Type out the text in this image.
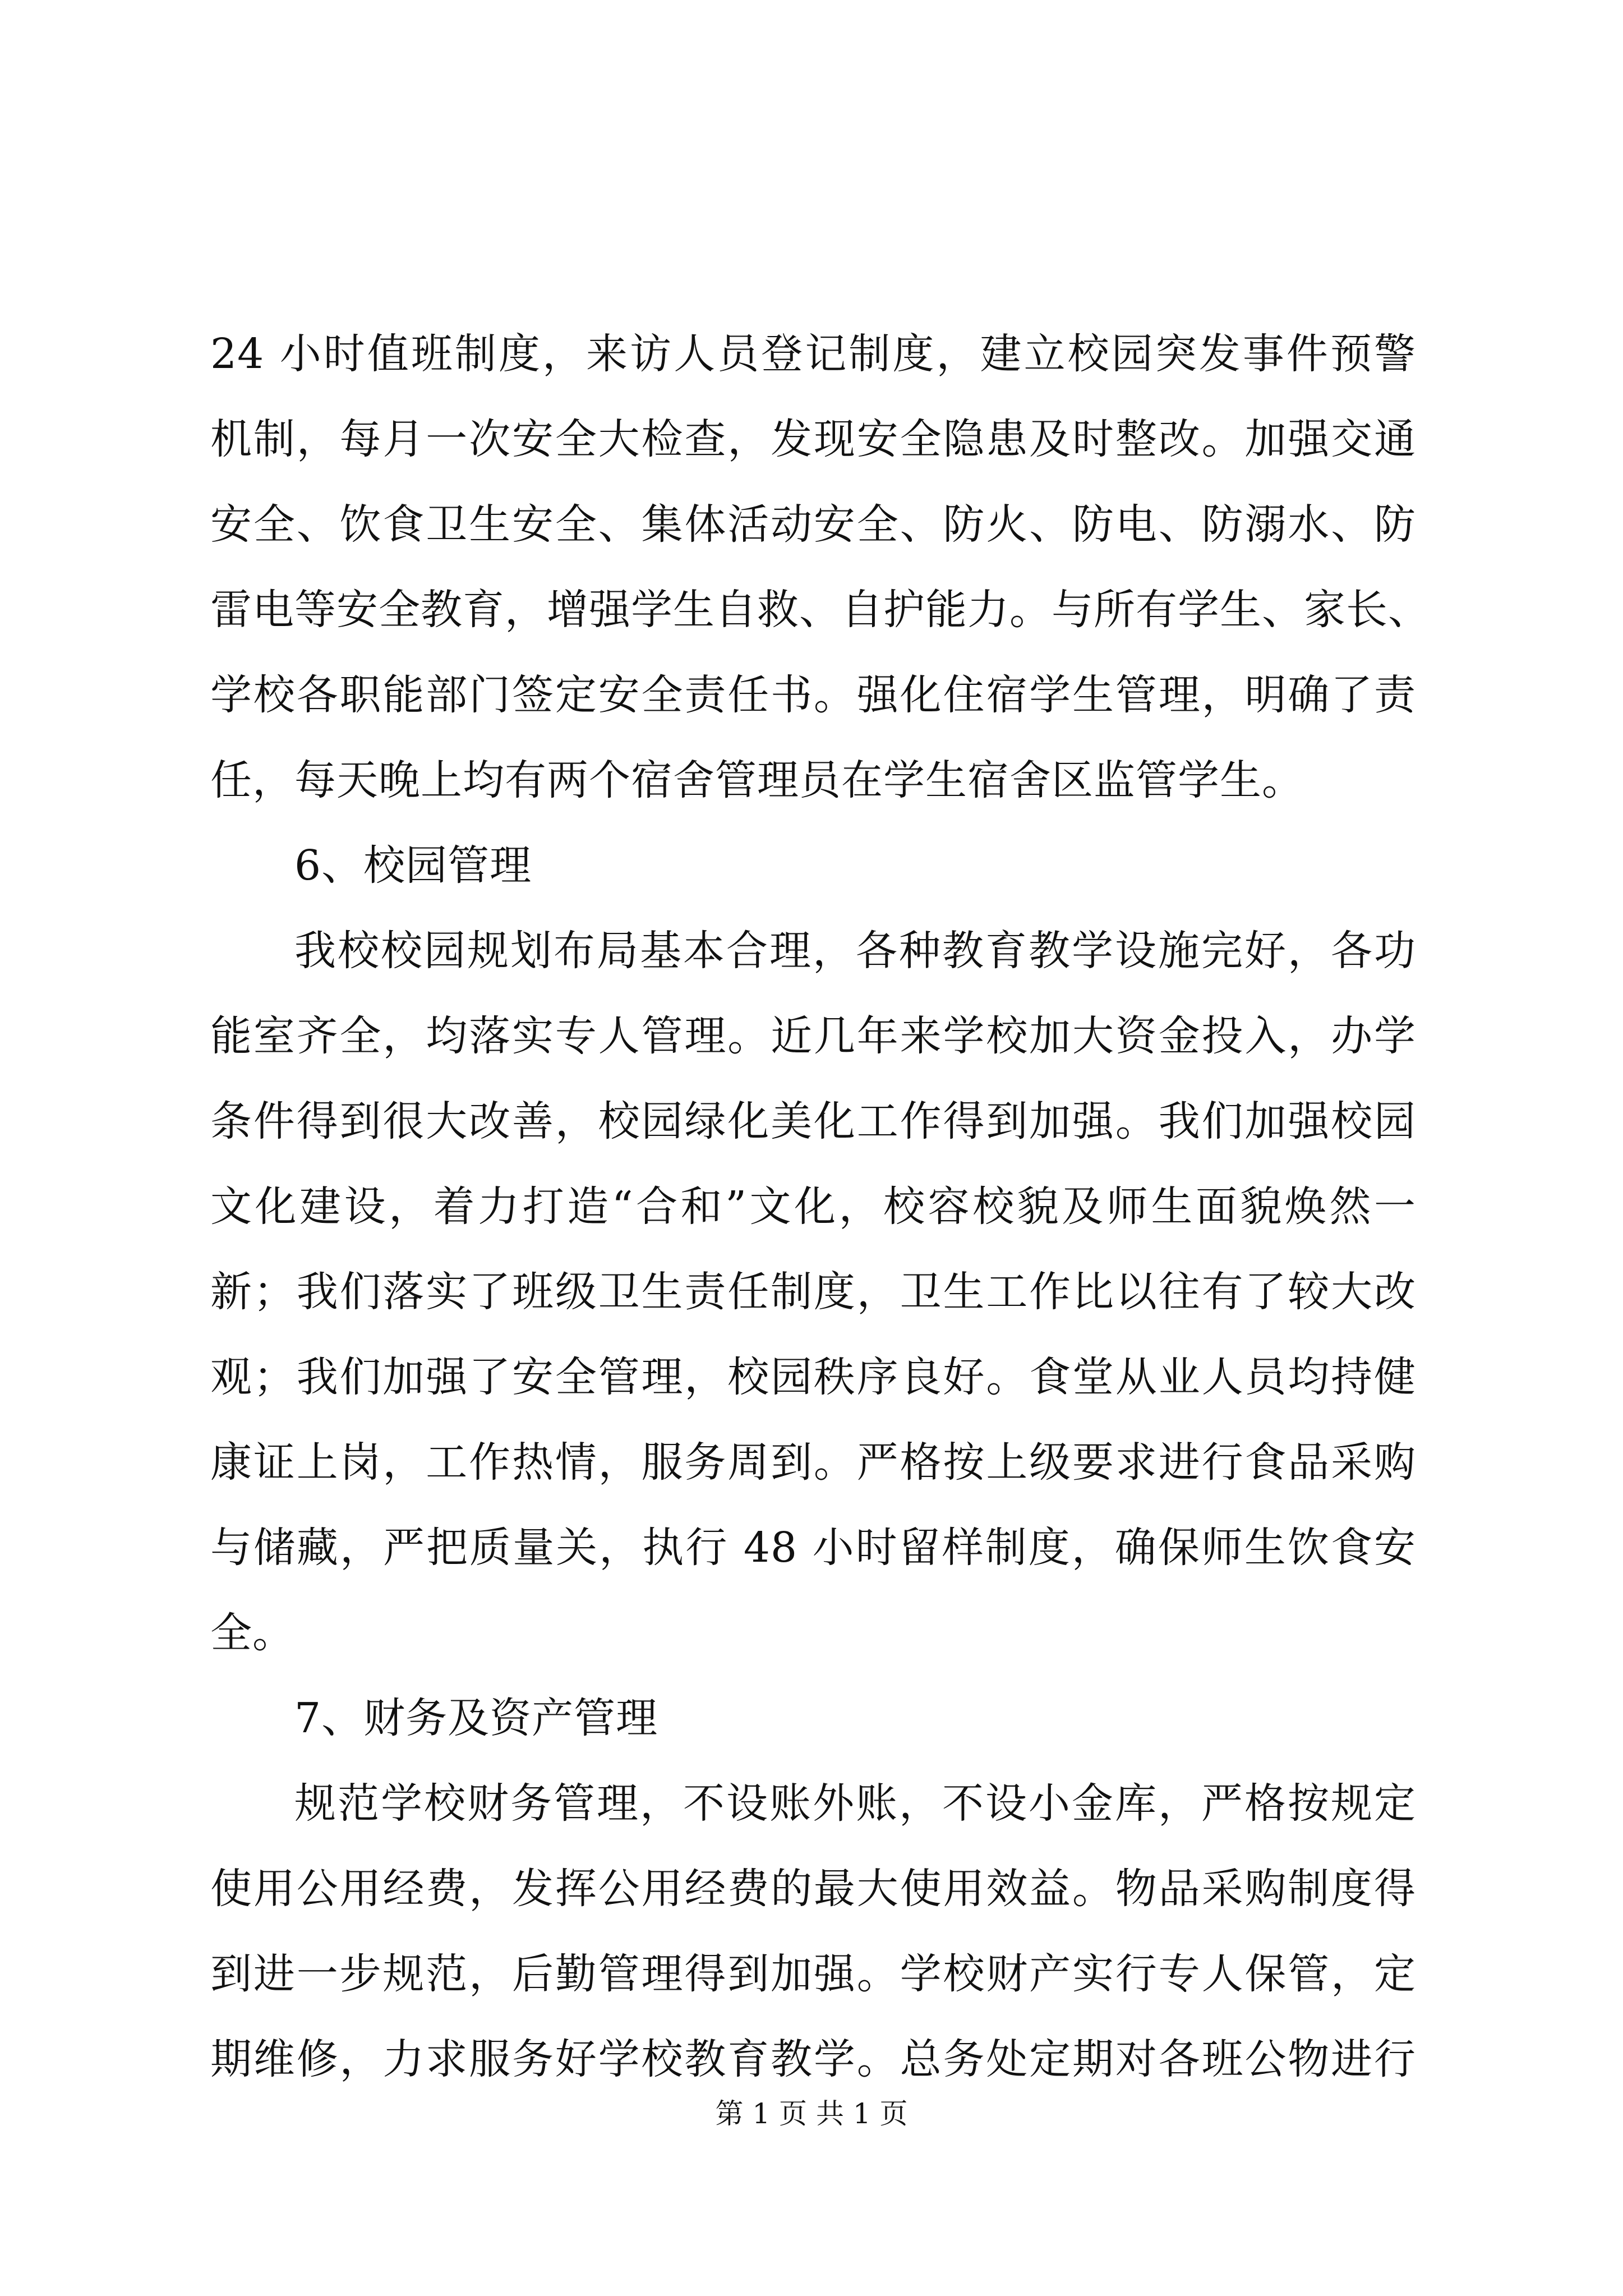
24 小时值班制度，来访人员登记制度，建立校园突发事件预警
机制，每月一次安全大检查，发现安全隐患及时整改。加强交通
安全、饮食卫生安全、集体活动安全、防火、防电、防溺水、防
雷电等安全教育，增强学生自救、自护能力。与所有学生、家长、
学校各职能部门签定安全责任书。强化住宿学生管理，明确了责
任，每天晚上均有两个宿舍管理员在学生宿舍区监管学生。
6、校园管理
我校校园规划布局基本合理，各种教育教学设施完好，各功
能室齐全，均落实专人管理。近几年来学校加大资金投入，办学
条件得到很大改善，校园绿化美化工作得到加强。我们加强校园
文化建设，着力打造“合和”文化，校容校貌及师生面貌焕然一
新；我们落实了班级卫生责任制度，卫生工作比以往有了较大改
观；我们加强了安全管理，校园秩序良好。食堂从业人员均持健
康证上岗，工作热情，服务周到。严格按上级要求进行食品采购
与储藏，严把质量关，执行 48 小时留样制度，确保师生饮食安
全。
7、财务及资产管理
规范学校财务管理，不设账外账，不设小金库，严格按规定
使用公用经费，发挥公用经费的最大使用效益。物品采购制度得
到进一步规范，后勤管理得到加强。学校财产实行专人保管，定
期维修，力求服务好学校教育教学。总务处定期对各班公物进行
第 1 页 共 1 页
